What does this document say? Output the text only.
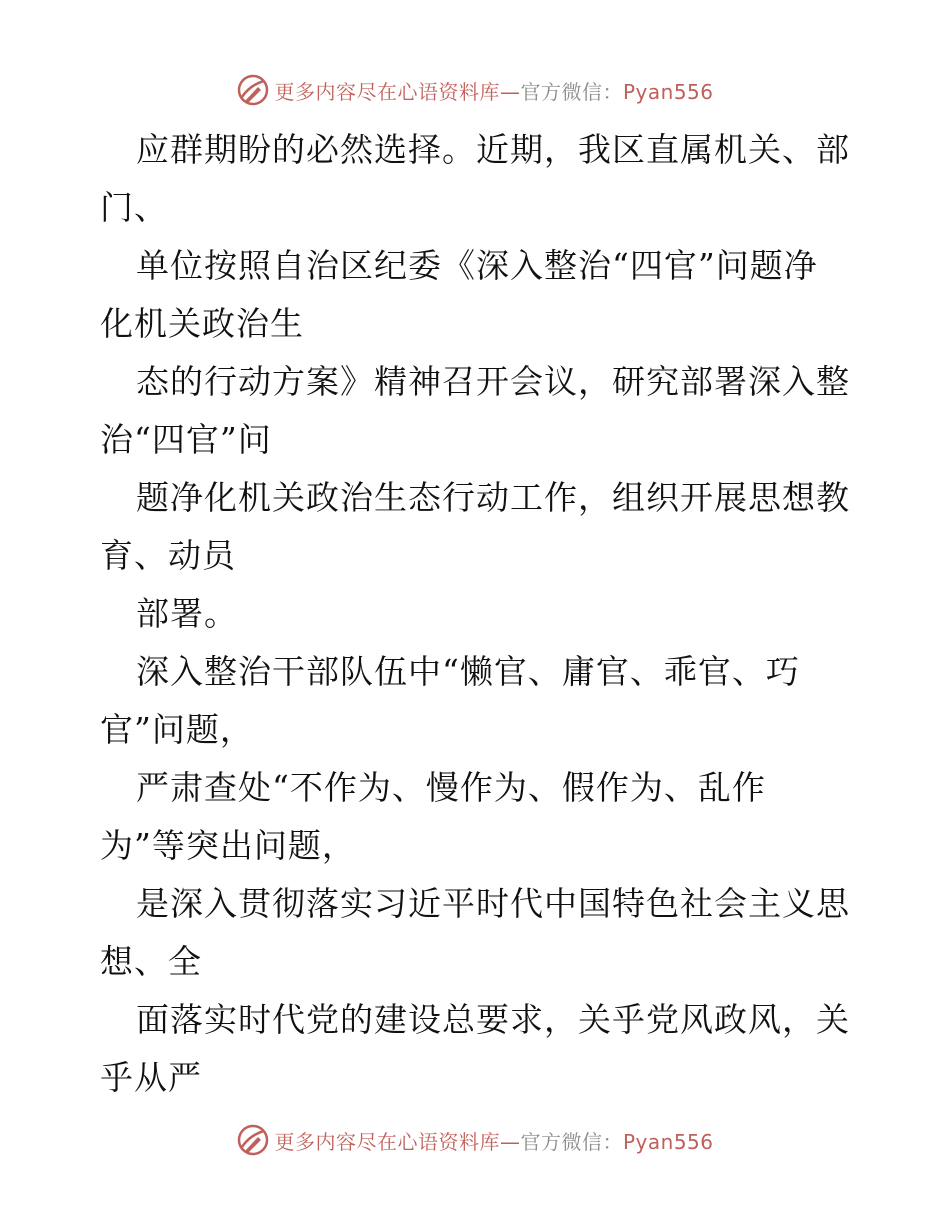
更多内容尽在心语资料库—官方微信：Pyan556
应群期盼的必然选择。近期，我区直属机关、部
门、
单位按照自治区纪委《深入整治“四官”问题净
化机关政治生
态的行动方案》精神召开会议，研究部署深入整
治“四官”问
题净化机关政治生态行动工作，组织开展思想教
育、动员
部署。
深入整治干部队伍中“懒官、庸官、乖官、巧
官”问题，
严肃查处“不作为、慢作为、假作为、乱作
为”等突出问题，
是深入贯彻落实习近平时代中国特色社会主义思
想、全
面落实时代党的建设总要求，关乎党风政风，关
乎从严
更多内容尽在心语资料库—官方微信：Pyan556
